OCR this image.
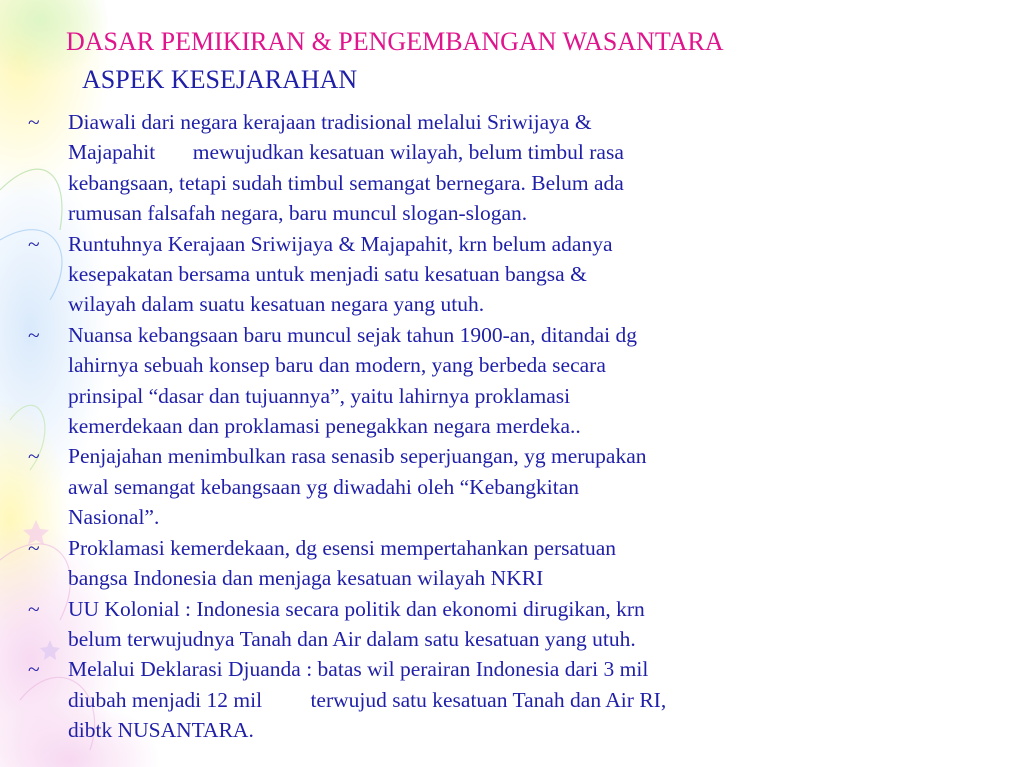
DASAR PEMIKIRAN & PENGEMBANGAN WASANTARA
ASPEK KESEJARAHAN
~ Diawali dari negara kerajaan tradisional melalui Sriwijaya &
Majapahit       mewujudkan kesatuan wilayah, belum timbul rasa
kebangsaan, tetapi sudah timbul semangat bernegara. Belum ada
rumusan falsafah negara, baru muncul slogan-slogan.
~ Runtuhnya Kerajaan Sriwijaya & Majapahit, krn belum adanya
kesepakatan bersama untuk menjadi satu kesatuan bangsa &
wilayah dalam suatu kesatuan negara yang utuh.
~ Nuansa kebangsaan baru muncul sejak tahun 1900-an, ditandai dg
lahirnya sebuah konsep baru dan modern, yang berbeda secara
prinsipal “dasar dan tujuannya”, yaitu lahirnya proklamasi
kemerdekaan dan proklamasi penegakkan negara merdeka..
~ Penjajahan menimbulkan rasa senasib seperjuangan, yg merupakan
awal semangat kebangsaan yg diwadahi oleh “Kebangkitan
Nasional”.
~ Proklamasi kemerdekaan, dg esensi mempertahankan persatuan
bangsa Indonesia dan menjaga kesatuan wilayah NKRI
~ UU Kolonial : Indonesia secara politik dan ekonomi dirugikan, krn
belum terwujudnya Tanah dan Air dalam satu kesatuan yang utuh.
~ Melalui Deklarasi Djuanda : batas wil perairan Indonesia dari 3 mil
diubah menjadi 12 mil         terwujud satu kesatuan Tanah dan Air RI,
dibtk NUSANTARA.
